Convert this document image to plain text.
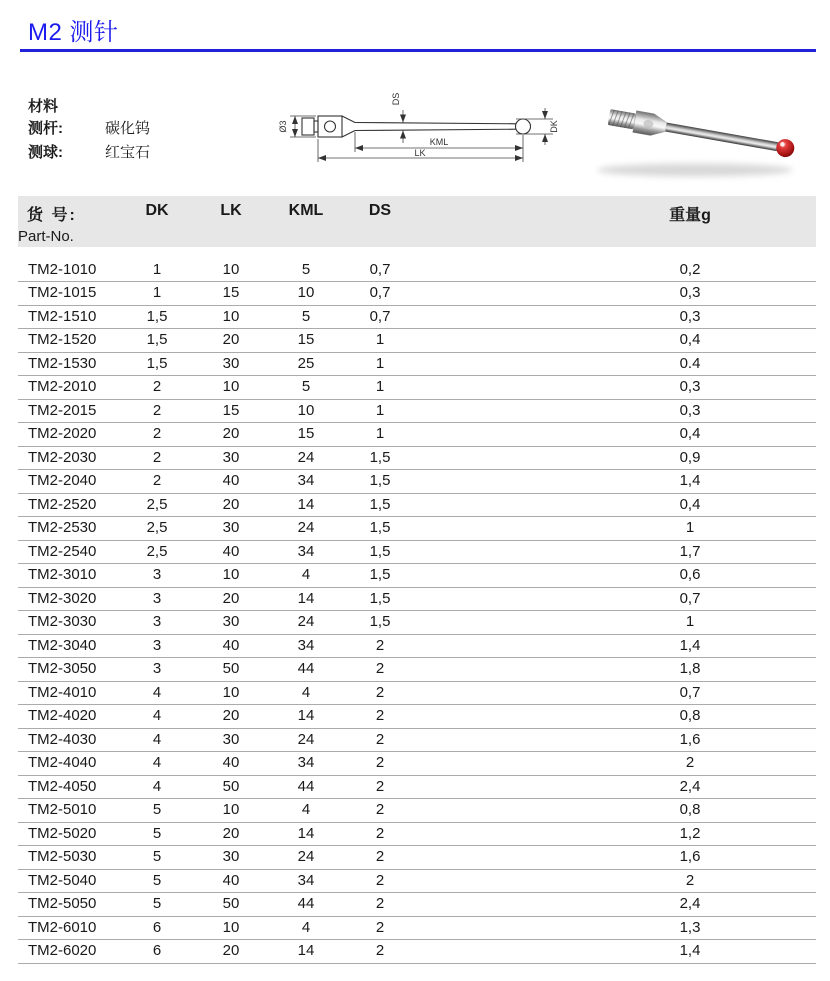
M2 测针
材料
测杆:	碳化钨
测球:	红宝石
Ø3
DS
KML
LK
DK
货 号:
Part-No.	DK	LK	KML	DS		重量g

TM2-1010	1	10	5	0,7		0,2
TM2-1015	1	15	10	0,7		0,3
TM2-1510	1,5	10	5	0,7		0,3
TM2-1520	1,5	20	15	1		0,4
TM2-1530	1,5	30	25	1		0.4
TM2-2010	2	10	5	1		0,3
TM2-2015	2	15	10	1		0,3
TM2-2020	2	20	15	1		0,4
TM2-2030	2	30	24	1,5		0,9
TM2-2040	2	40	34	1,5		1,4
TM2-2520	2,5	20	14	1,5		0,4
TM2-2530	2,5	30	24	1,5		1
TM2-2540	2,5	40	34	1,5		1,7
TM2-3010	3	10	4	1,5		0,6
TM2-3020	3	20	14	1,5		0,7
TM2-3030	3	30	24	1,5		1
TM2-3040	3	40	34	2		1,4
TM2-3050	3	50	44	2		1,8
TM2-4010	4	10	4	2		0,7
TM2-4020	4	20	14	2		0,8
TM2-4030	4	30	24	2		1,6
TM2-4040	4	40	34	2		2
TM2-4050	4	50	44	2		2,4
TM2-5010	5	10	4	2		0,8
TM2-5020	5	20	14	2		1,2
TM2-5030	5	30	24	2		1,6
TM2-5040	5	40	34	2		2
TM2-5050	5	50	44	2		2,4
TM2-6010	6	10	4	2		1,3
TM2-6020	6	20	14	2		1,4
